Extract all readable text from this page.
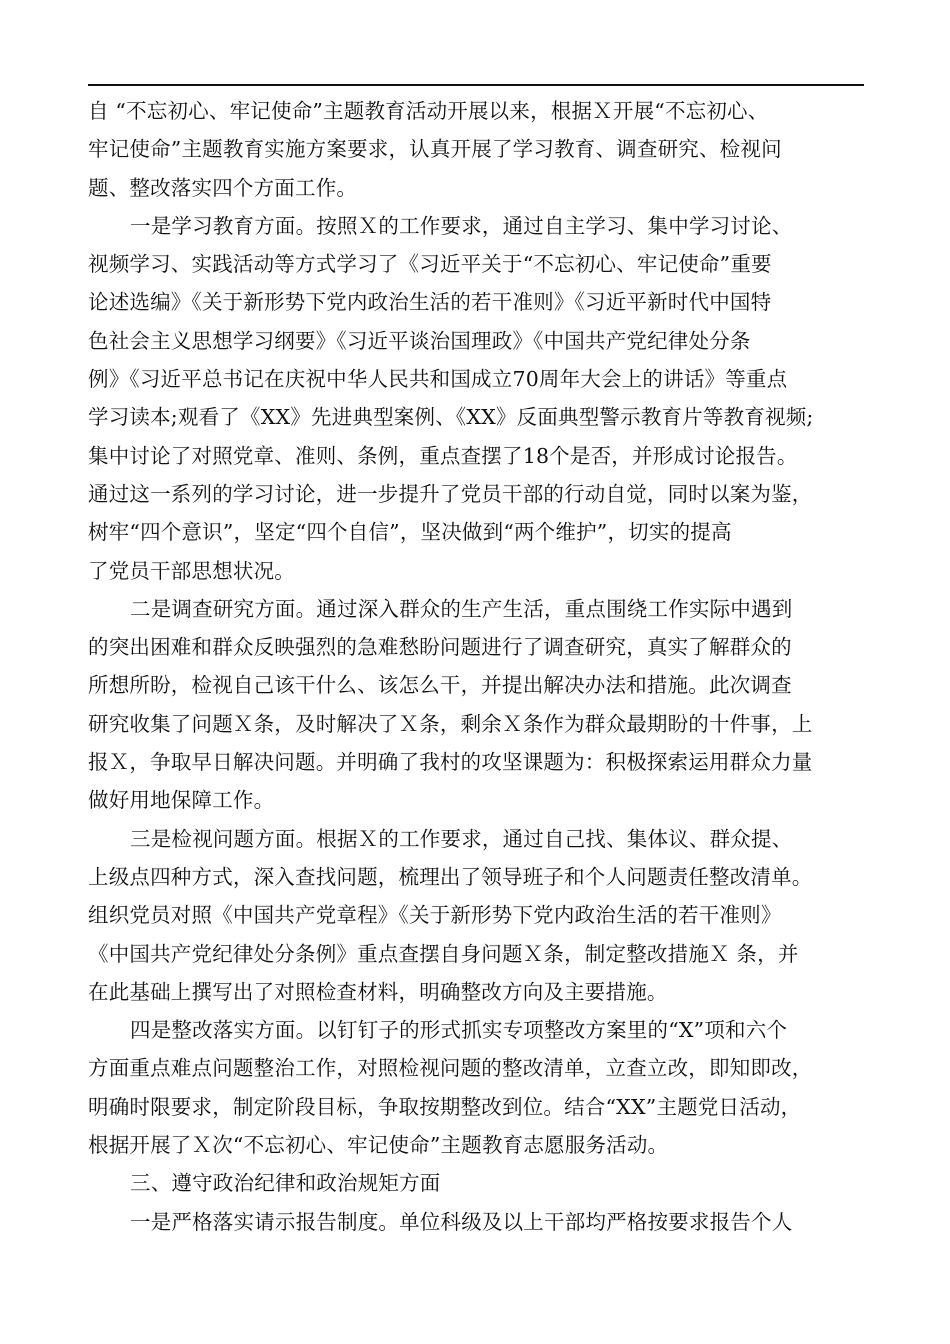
自 “不忘初心、牢记使命”主题教育活动开展以来，根据Ｘ开展“不忘初心、
牢记使命”主题教育实施方案要求，认真开展了学习教育、调查研究、检视问
题、整改落实四个方面工作。
一是学习教育方面。按照Ｘ的工作要求，通过自主学习、集中学习讨论、
视频学习、实践活动等方式学习了《习近平关于“不忘初心、牢记使命”重要
论述选编》《关于新形势下党内政治生活的若干准则》《习近平新时代中国特
色社会主义思想学习纲要》《习近平谈治国理政》《中国共产党纪律处分条
例》《习近平总书记在庆祝中华人民共和国成立70周年大会上的讲话》等重点
学习读本;观看了《XX》先进典型案例、《XX》反面典型警示教育片等教育视频;
集中讨论了对照党章、准则、条例，重点查摆了18个是否，并形成讨论报告。
通过这一系列的学习讨论，进一步提升了党员干部的行动自觉，同时以案为鉴，
树牢“四个意识”，坚定“四个自信”，坚决做到“两个维护”，切实的提高
了党员干部思想状况。
二是调查研究方面。通过深入群众的生产生活，重点围绕工作实际中遇到
的突出困难和群众反映强烈的急难愁盼问题进行了调查研究，真实了解群众的
所想所盼，检视自己该干什么、该怎么干，并提出解决办法和措施。此次调查
研究收集了问题Ｘ条，及时解决了Ｘ条，剩余Ｘ条作为群众最期盼的十件事，上
报Ｘ，争取早日解决问题。并明确了我村的攻坚课题为：积极探索运用群众力量
做好用地保障工作。
三是检视问题方面。根据Ｘ的工作要求，通过自己找、集体议、群众提、
上级点四种方式，深入查找问题，梳理出了领导班子和个人问题责任整改清单。
组织党员对照《中国共产党章程》《关于新形势下党内政治生活的若干准则》
《中国共产党纪律处分条例》重点查摆自身问题Ｘ条，制定整改措施Ｘ 条，并
在此基础上撰写出了对照检查材料，明确整改方向及主要措施。
四是整改落实方面。以钉钉子的形式抓实专项整改方案里的“X”项和六个
方面重点难点问题整治工作，对照检视问题的整改清单，立查立改，即知即改，
明确时限要求，制定阶段目标，争取按期整改到位。结合“XX”主题党日活动，
根据开展了Ｘ次“不忘初心、牢记使命”主题教育志愿服务活动。
三、遵守政治纪律和政治规矩方面
一是严格落实请示报告制度。单位科级及以上干部均严格按要求报告个人
